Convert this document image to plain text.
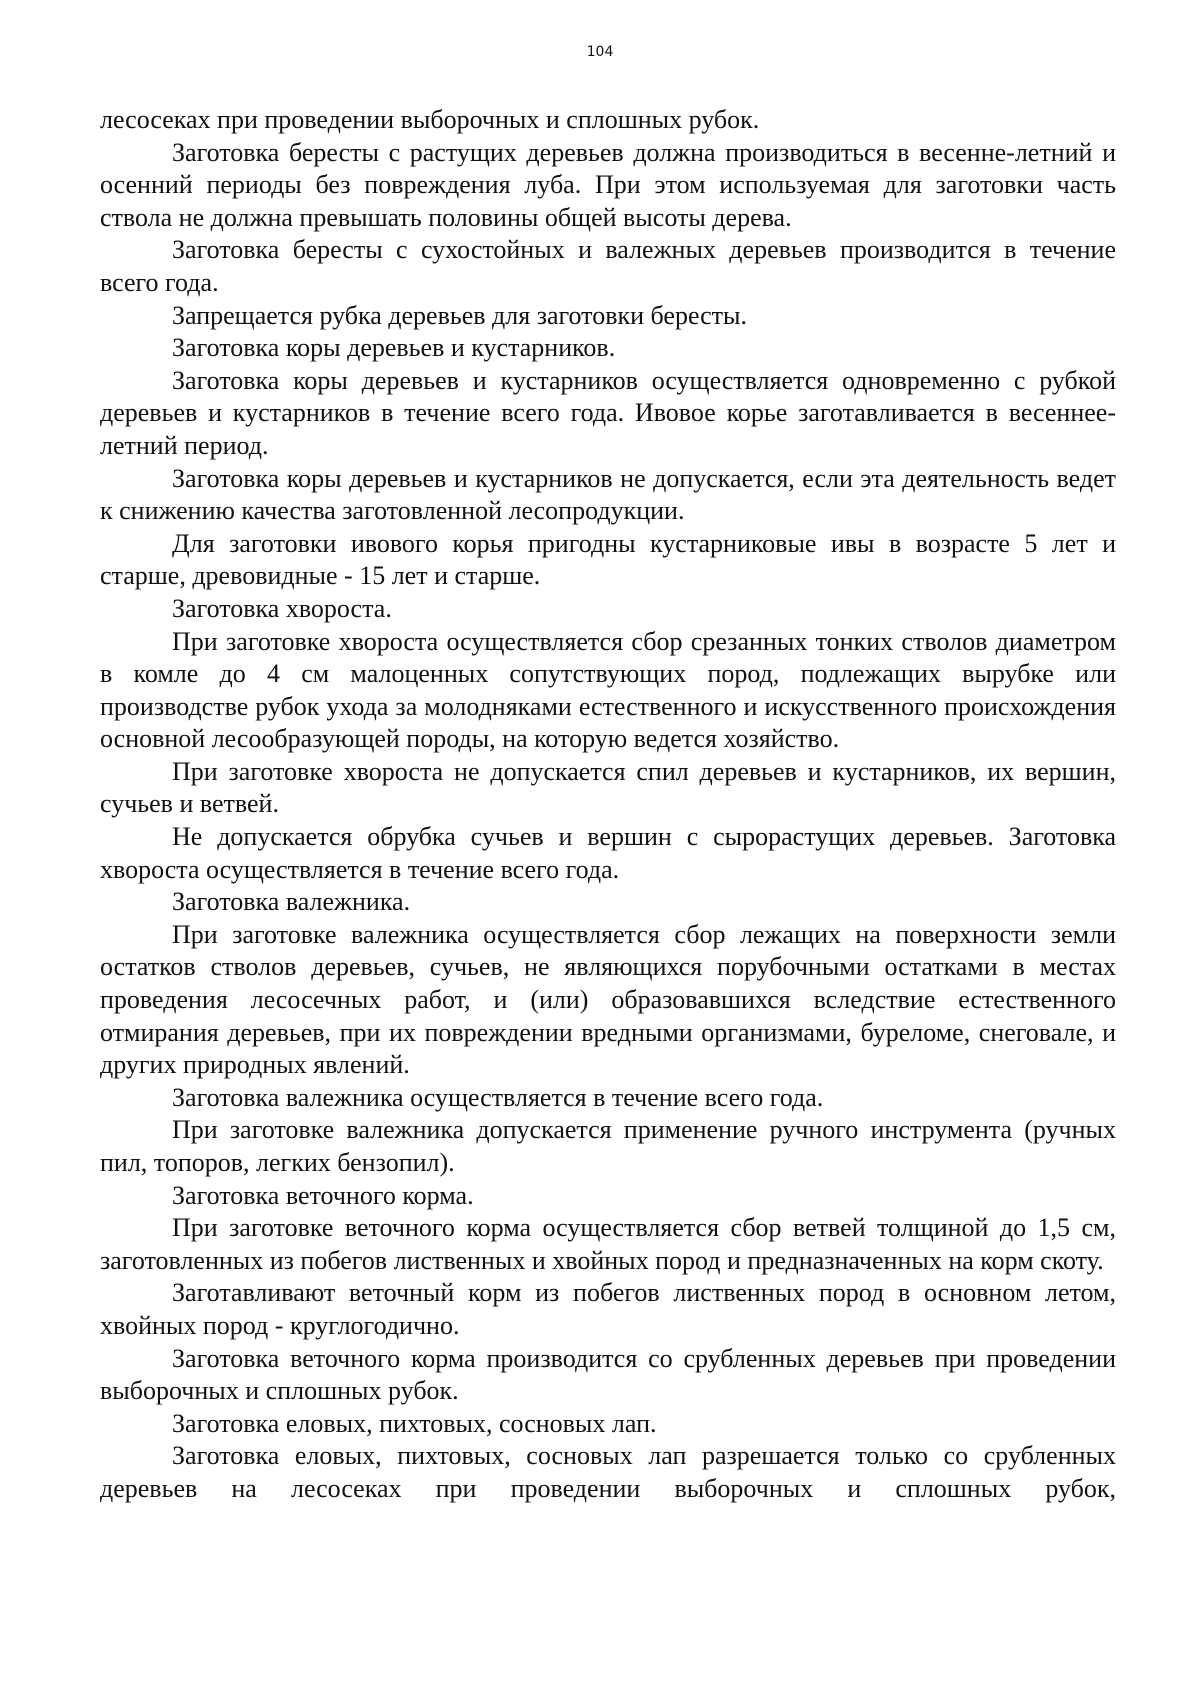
104

лесосеках при проведении выборочных и сплошных рубок.

Заготовка бересты с растущих деревьев должна производиться в весенне-летний и осенний периоды без повреждения луба. При этом используемая для заготовки часть ствола не должна превышать половины общей высоты дерева.

Заготовка бересты с сухостойных и валежных деревьев производится в течение всего года.

Запрещается рубка деревьев для заготовки бересты.

Заготовка коры деревьев и кустарников.

Заготовка коры деревьев и кустарников осуществляется одновременно с рубкой деревьев и кустарников в течение всего года. Ивовое корье заготавливается в весеннее-летний период.

Заготовка коры деревьев и кустарников не допускается, если эта деятельность ведет к снижению качества заготовленной лесопродукции.

Для заготовки ивового корья пригодны кустарниковые ивы в возрасте 5 лет и старше, древовидные - 15 лет и старше.

Заготовка хвороста.

При заготовке хвороста осуществляется сбор срезанных тонких стволов диаметром в комле до 4 см малоценных сопутствующих пород, подлежащих вырубке или производстве рубок ухода за молодняками естественного и искусственного происхождения основной лесообразующей породы, на которую ведется хозяйство.

При заготовке хвороста не допускается спил деревьев и кустарников, их вершин, сучьев и ветвей.

Не допускается обрубка сучьев и вершин с сырорастущих деревьев. Заготовка хвороста осуществляется в течение всего года.

Заготовка валежника.

При заготовке валежника осуществляется сбор лежащих на поверхности земли остатков стволов деревьев, сучьев, не являющихся порубочными остатками в местах проведения лесосечных работ, и (или) образовавшихся вследствие естественного отмирания деревьев, при их повреждении вредными организмами, буреломе, снеговале, и других природных явлений.

Заготовка валежника осуществляется в течение всего года.

При заготовке валежника допускается применение ручного инструмента (ручных пил, топоров, легких бензопил).

Заготовка веточного корма.

При заготовке веточного корма осуществляется сбор ветвей толщиной до 1,5 см, заготовленных из побегов лиственных и хвойных пород и предназначенных на корм скоту.

Заготавливают веточный корм из побегов лиственных пород в основном летом, хвойных пород - круглогодично.

Заготовка веточного корма производится со срубленных деревьев при проведении выборочных и сплошных рубок.

Заготовка еловых, пихтовых, сосновых лап.

Заготовка еловых, пихтовых, сосновых лап разрешается только со срубленных деревьев на лесосеках при проведении выборочных и сплошных рубок,
